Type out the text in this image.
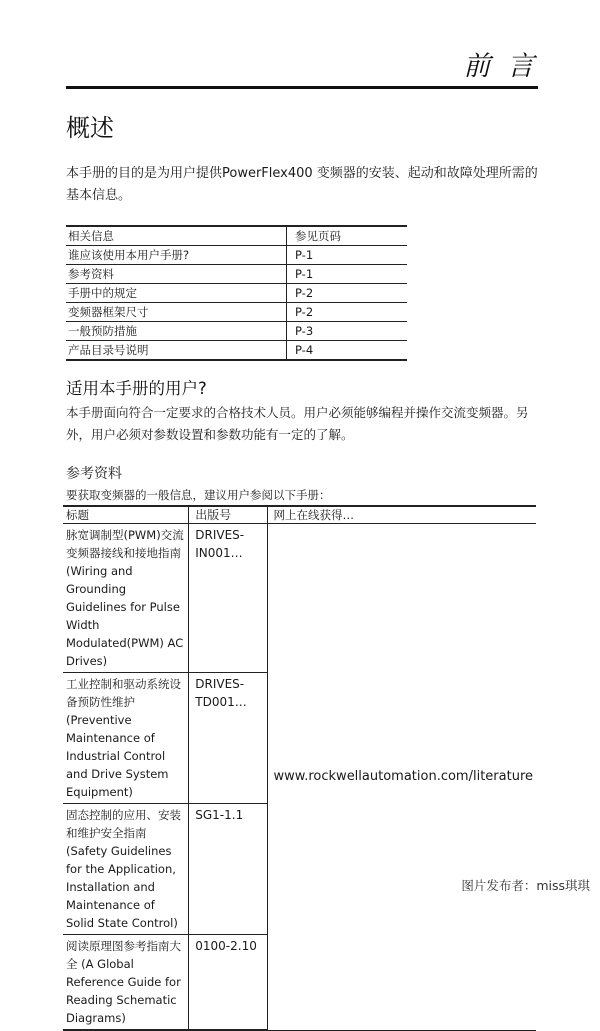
前 言
概述
本手册的目的是为用户提供PowerFlex400 变频器的安装、起动和故障处理所需的基本信息。
相关信息	参见页码
谁应该使用本用户手册?	P-1
参考资料	P-1
手册中的规定	P-2
变频器框架尺寸	P-2
一般预防措施	P-3
产品目录号说明	P-4
适用本手册的用户?
本手册面向符合一定要求的合格技术人员。用户必须能够编程并操作交流变频器。另外，用户必须对参数设置和参数功能有一定的了解。
参考资料
要获取变频器的一般信息，建议用户参阅以下手册：
标题	出版号	网上在线获得…
脉宽调制型(PWM)交流变频器接线和接地指南 (Wiring and Grounding Guidelines for Pulse Width Modulated(PWM) AC Drives)	DRIVES-IN001…	www.rockwellautomation.com/literature
工业控制和驱动系统设备预防性维护(Preventive Maintenance of Industrial Control and Drive System Equipment)	DRIVES-TD001…	
固态控制的应用、安装和维护安全指南(Safety Guidelines for the Application, Installation and Maintenance of Solid State Control)	SG1-1.1	
阅读原理图参考指南大全 (A Global Reference Guide for Reading Schematic Diagrams)	0100-2.10	
图片发布者：miss琪琪
